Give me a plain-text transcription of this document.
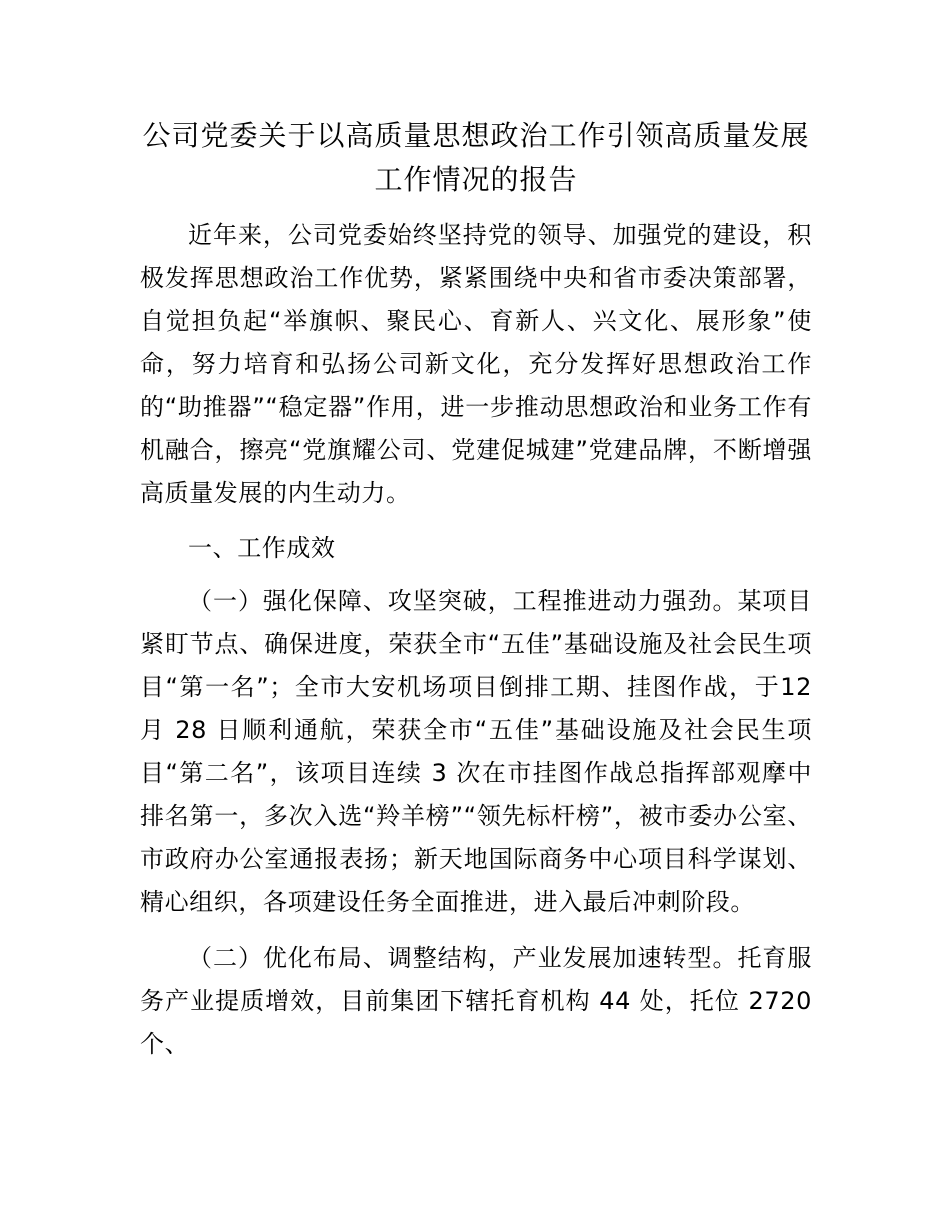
公司党委关于以高质量思想政治工作引领高质量发展工作情况的报告

近年来，公司党委始终坚持党的领导、加强党的建设，积极发挥思想政治工作优势，紧紧围绕中央和省市委决策部署，自觉担负起“举旗帜、聚民心、育新人、兴文化、展形象”使命，努力培育和弘扬公司新文化，充分发挥好思想政治工作的“助推器”“稳定器”作用，进一步推动思想政治和业务工作有机融合，擦亮“党旗耀公司、党建促城建”党建品牌，不断增强高质量发展的内生动力。

一、工作成效

（一）强化保障、攻坚突破，工程推进动力强劲。某项目紧盯节点、确保进度，荣获全市“五佳”基础设施及社会民生项目“第一名”；全市大安机场项目倒排工期、挂图作战，于12 月 28 日顺利通航，荣获全市“五佳”基础设施及社会民生项目“第二名”，该项目连续 3 次在市挂图作战总指挥部观摩中排名第一，多次入选“羚羊榜”“领先标杆榜”，被市委办公室、市政府办公室通报表扬；新天地国际商务中心项目科学谋划、精心组织，各项建设任务全面推进，进入最后冲刺阶段。

（二）优化布局、调整结构，产业发展加速转型。托育服务产业提质增效，目前集团下辖托育机构 44 处，托位 2720 个、
